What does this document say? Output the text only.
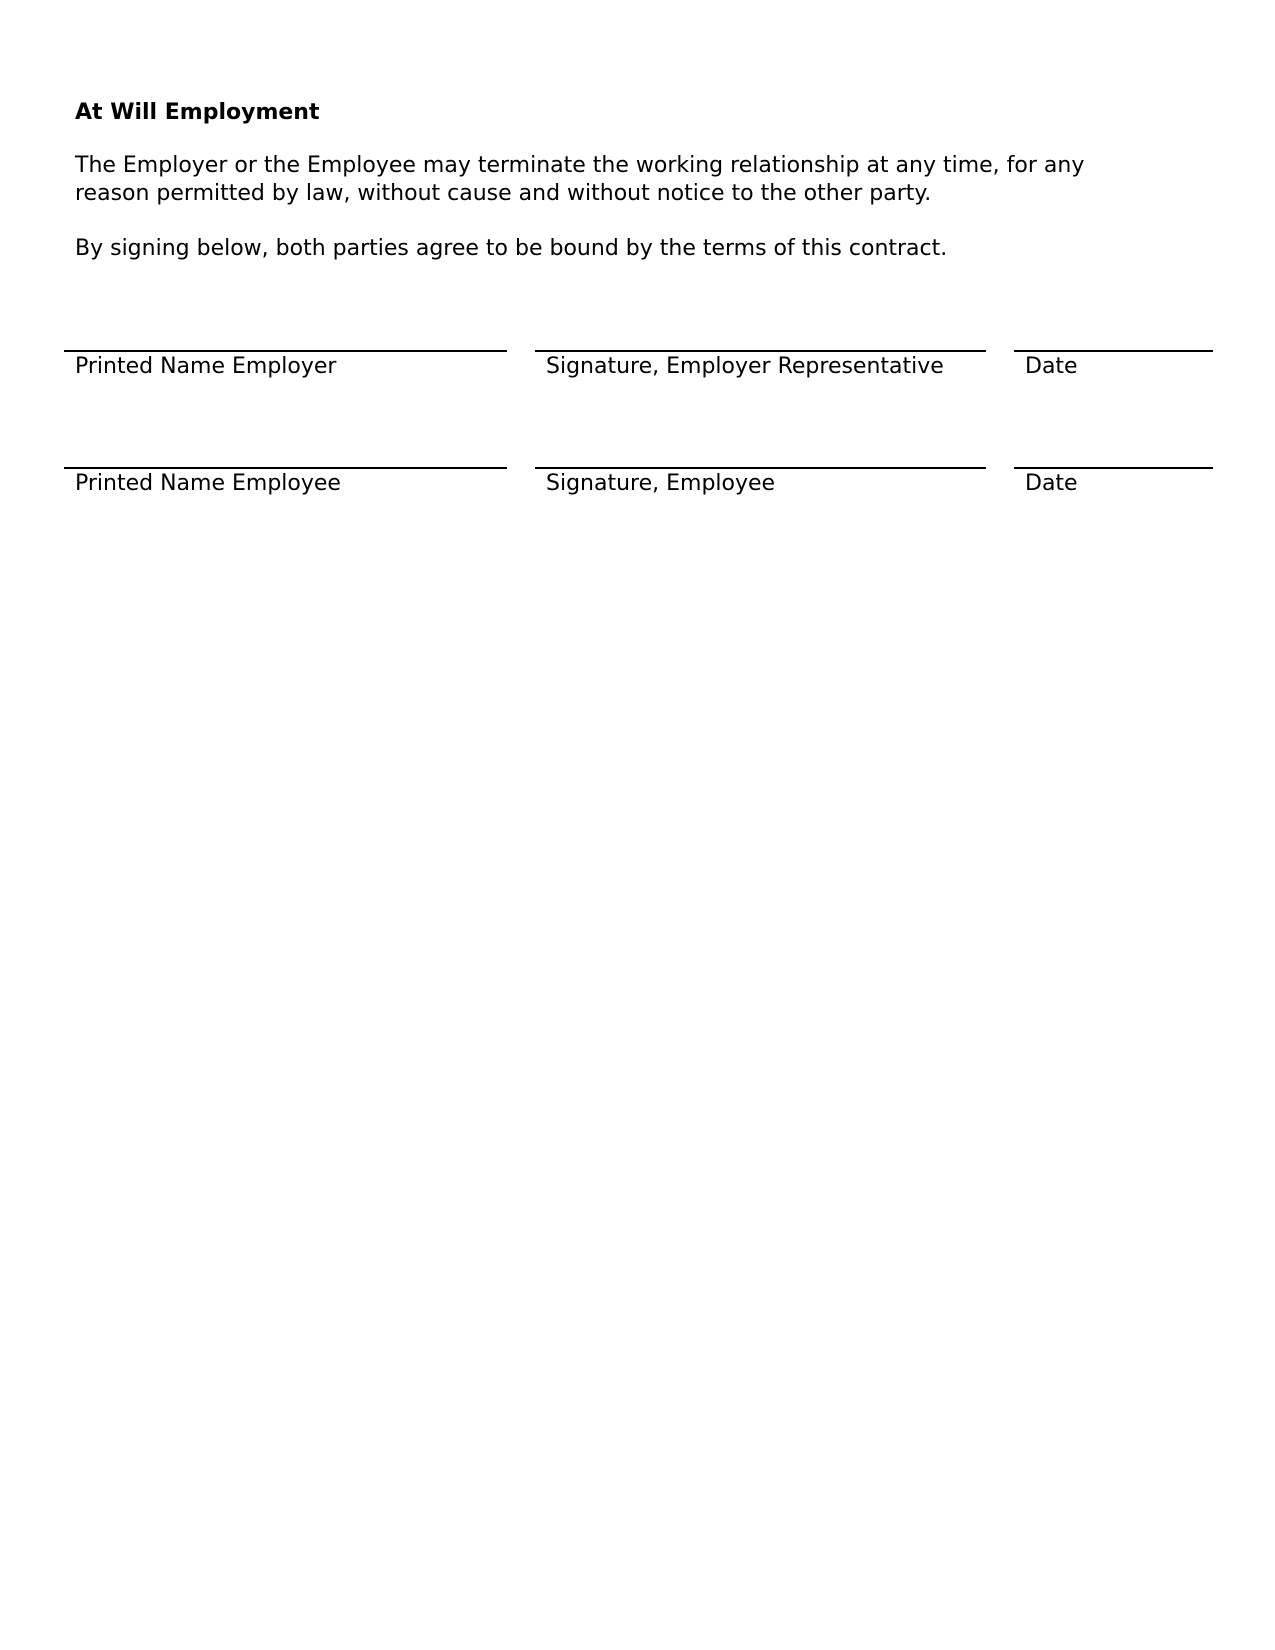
At Will Employment
The Employer or the Employee may terminate the working relationship at any time, for any
reason permitted by law, without cause and without notice to the other party.
By signing below, both parties agree to be bound by the terms of this contract.
Printed Name Employer	Signature, Employer Representative	Date
Printed Name Employee	Signature, Employee	Date
